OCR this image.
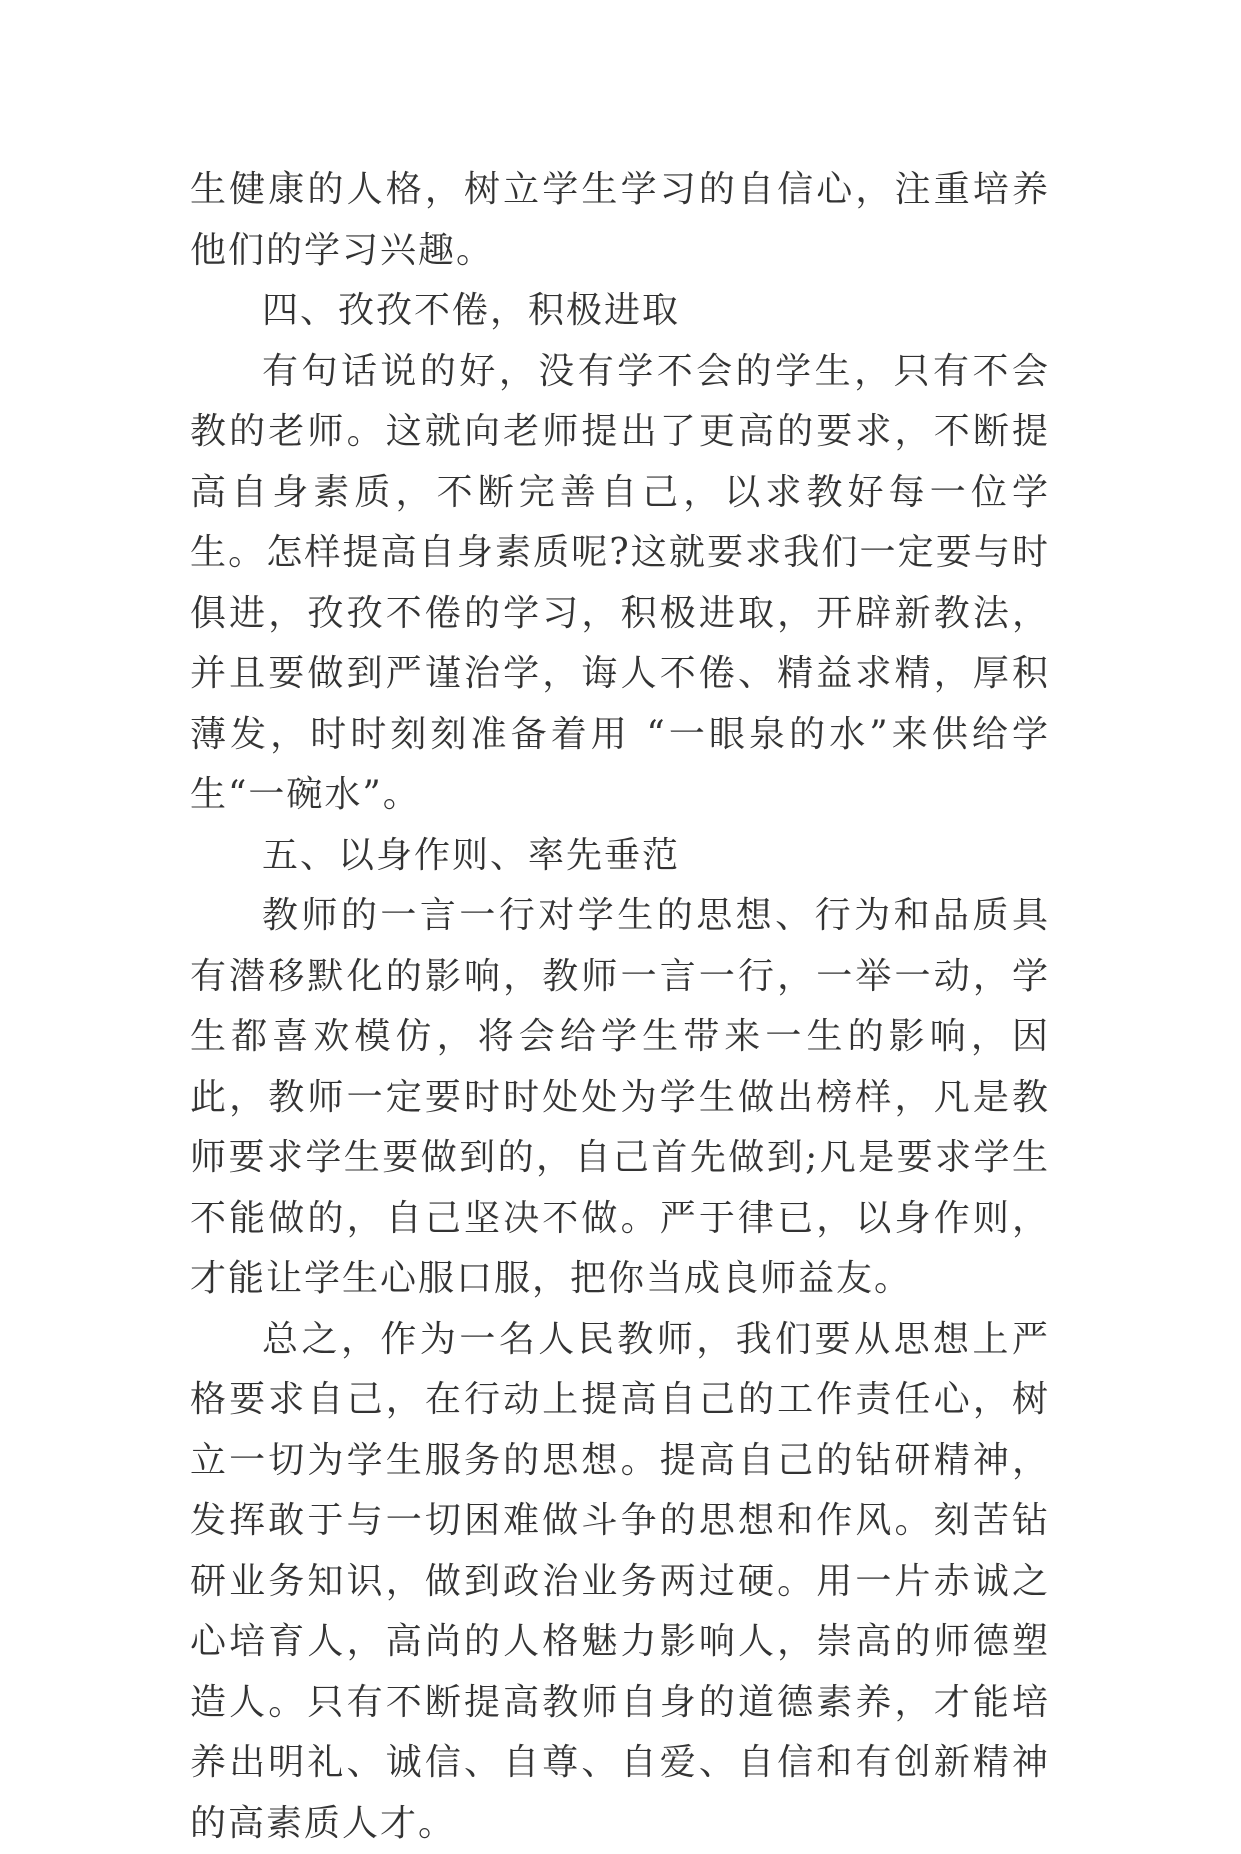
生健康的人格，树立学生学习的自信心，注重培养他们的学习兴趣。

四、孜孜不倦，积极进取

有句话说的好，没有学不会的学生，只有不会教的老师。这就向老师提出了更高的要求，不断提高自身素质，不断完善自己，以求教好每一位学生。怎样提高自身素质呢?这就要求我们一定要与时俱进，孜孜不倦的学习，积极进取，开辟新教法，并且要做到严谨治学，诲人不倦、精益求精，厚积薄发，时时刻刻准备着用 “一眼泉的水”来供给学生“一碗水”。

五、以身作则、率先垂范

教师的一言一行对学生的思想、行为和品质具有潜移默化的影响，教师一言一行，一举一动，学生都喜欢模仿，将会给学生带来一生的影响，因此，教师一定要时时处处为学生做出榜样，凡是教师要求学生要做到的，自己首先做到;凡是要求学生不能做的，自己坚决不做。严于律已，以身作则，才能让学生心服口服，把你当成良师益友。

总之，作为一名人民教师，我们要从思想上严格要求自己，在行动上提高自己的工作责任心，树立一切为学生服务的思想。提高自己的钻研精神，发挥敢于与一切困难做斗争的思想和作风。刻苦钻研业务知识，做到政治业务两过硬。用一片赤诚之心培育人，高尚的人格魅力影响人，崇高的师德塑造人。只有不断提高教师自身的道德素养，才能培养出明礼、诚信、自尊、自爱、自信和有创新精神的高素质人才。
